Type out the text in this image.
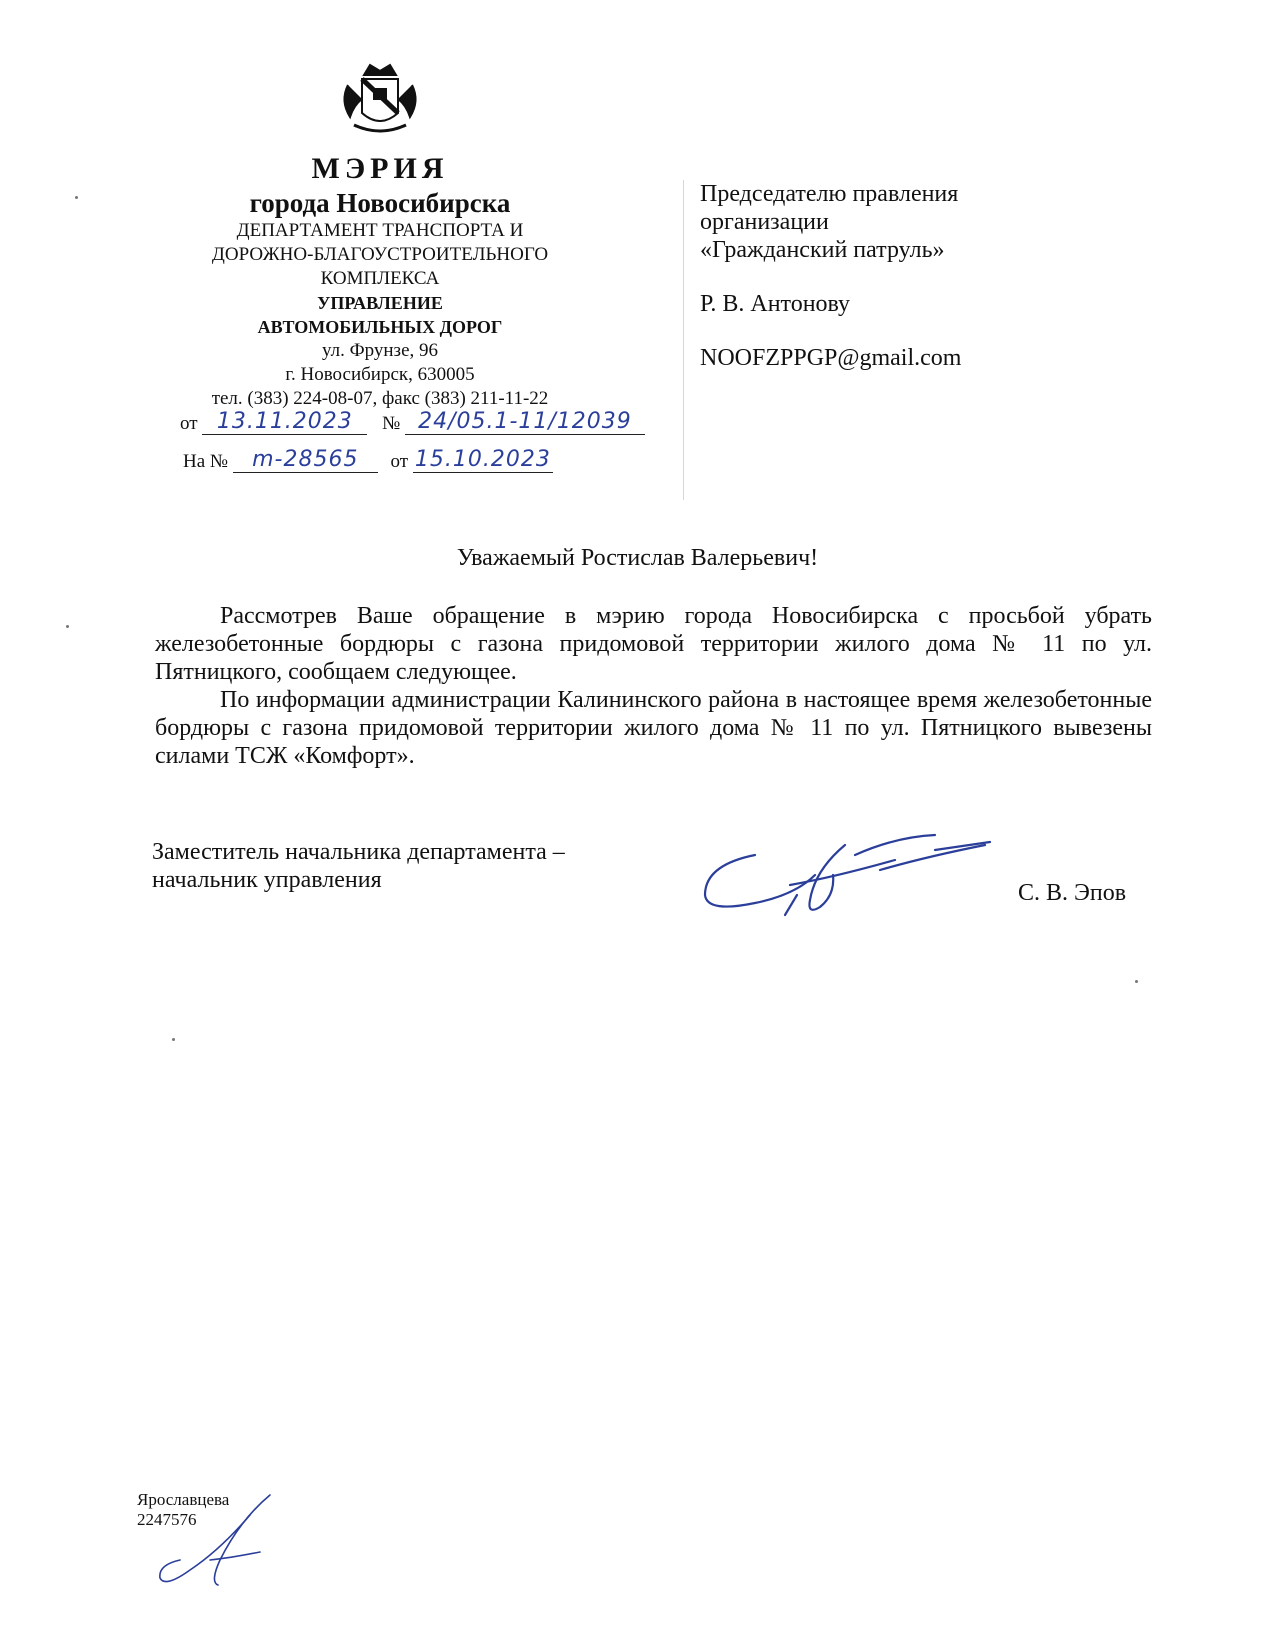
МЭРИЯ
города Новосибирска
ДЕПАРТАМЕНТ ТРАНСПОРТА И
ДОРОЖНО-БЛАГОУСТРОИТЕЛЬНОГО
КОМПЛЕКСА
УПРАВЛЕНИЕ
АВТОМОБИЛЬНЫХ ДОРОГ
ул. Фрунзе, 96
г. Новосибирск, 630005
тел. (383) 224-08-07, факс (383) 211-11-22
от 13.11.2023 № 24/05.1-11/12039
На № m-28565 от 15.10.2023
Председателю правления
организации
«Гражданский патруль»
Р. В. Антонову
NOOFZPPGP@gmail.com
Уважаемый Ростислав Валерьевич!

Рассмотрев Ваше обращение в мэрию города Новосибирска с просьбой убрать железобетонные бордюры с газона придомовой территории жилого дома № 11 по ул. Пятницкого, сообщаем следующее.

По информации администрации Калининского района в настоящее время железобетонные бордюры с газона придомовой территории жилого дома № 11 по ул. Пятницкого вывезены силами ТСЖ «Комфорт».

Заместитель начальника департамента –
начальник управления	С. В. Эпов
Ярославцева
2247576
